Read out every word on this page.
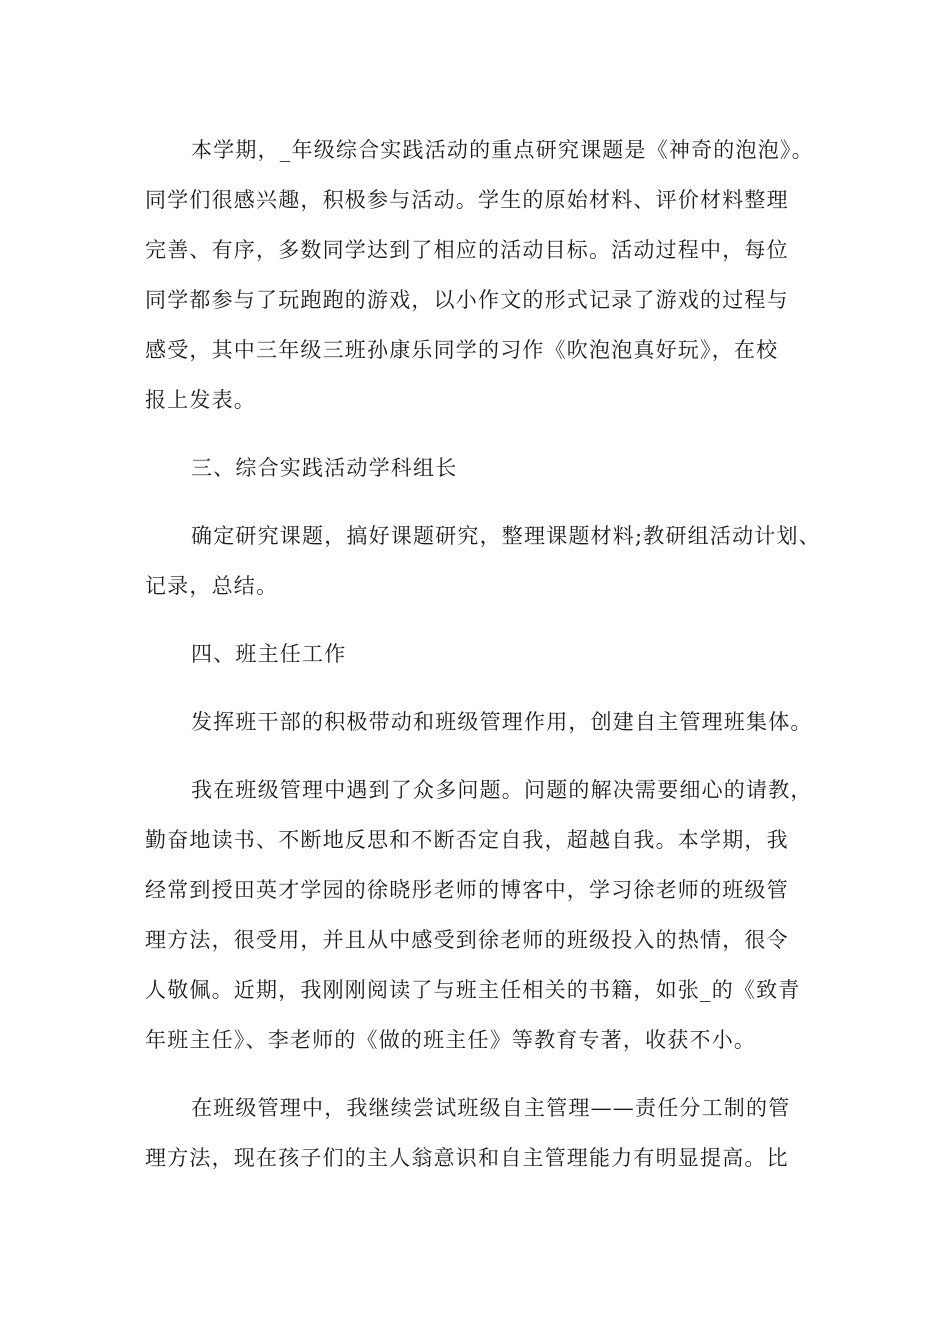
本学期，_年级综合实践活动的重点研究课题是《神奇的泡泡》。
同学们很感兴趣，积极参与活动。学生的原始材料、评价材料整理
完善、有序，多数同学达到了相应的活动目标。活动过程中，每位
同学都参与了玩跑跑的游戏，以小作文的形式记录了游戏的过程与
感受，其中三年级三班孙康乐同学的习作《吹泡泡真好玩》，在校
报上发表。
三、综合实践活动学科组长
确定研究课题，搞好课题研究，整理课题材料;教研组活动计划、
记录，总结。
四、班主任工作
发挥班干部的积极带动和班级管理作用，创建自主管理班集体。
我在班级管理中遇到了众多问题。问题的解决需要细心的请教，
勤奋地读书、不断地反思和不断否定自我，超越自我。本学期，我
经常到授田英才学园的徐晓彤老师的博客中，学习徐老师的班级管
理方法，很受用，并且从中感受到徐老师的班级投入的热情，很令
人敬佩。近期，我刚刚阅读了与班主任相关的书籍，如张_的《致青
年班主任》、李老师的《做的班主任》等教育专著，收获不小。
在班级管理中，我继续尝试班级自主管理——责任分工制的管
理方法，现在孩子们的主人翁意识和自主管理能力有明显提高。比
